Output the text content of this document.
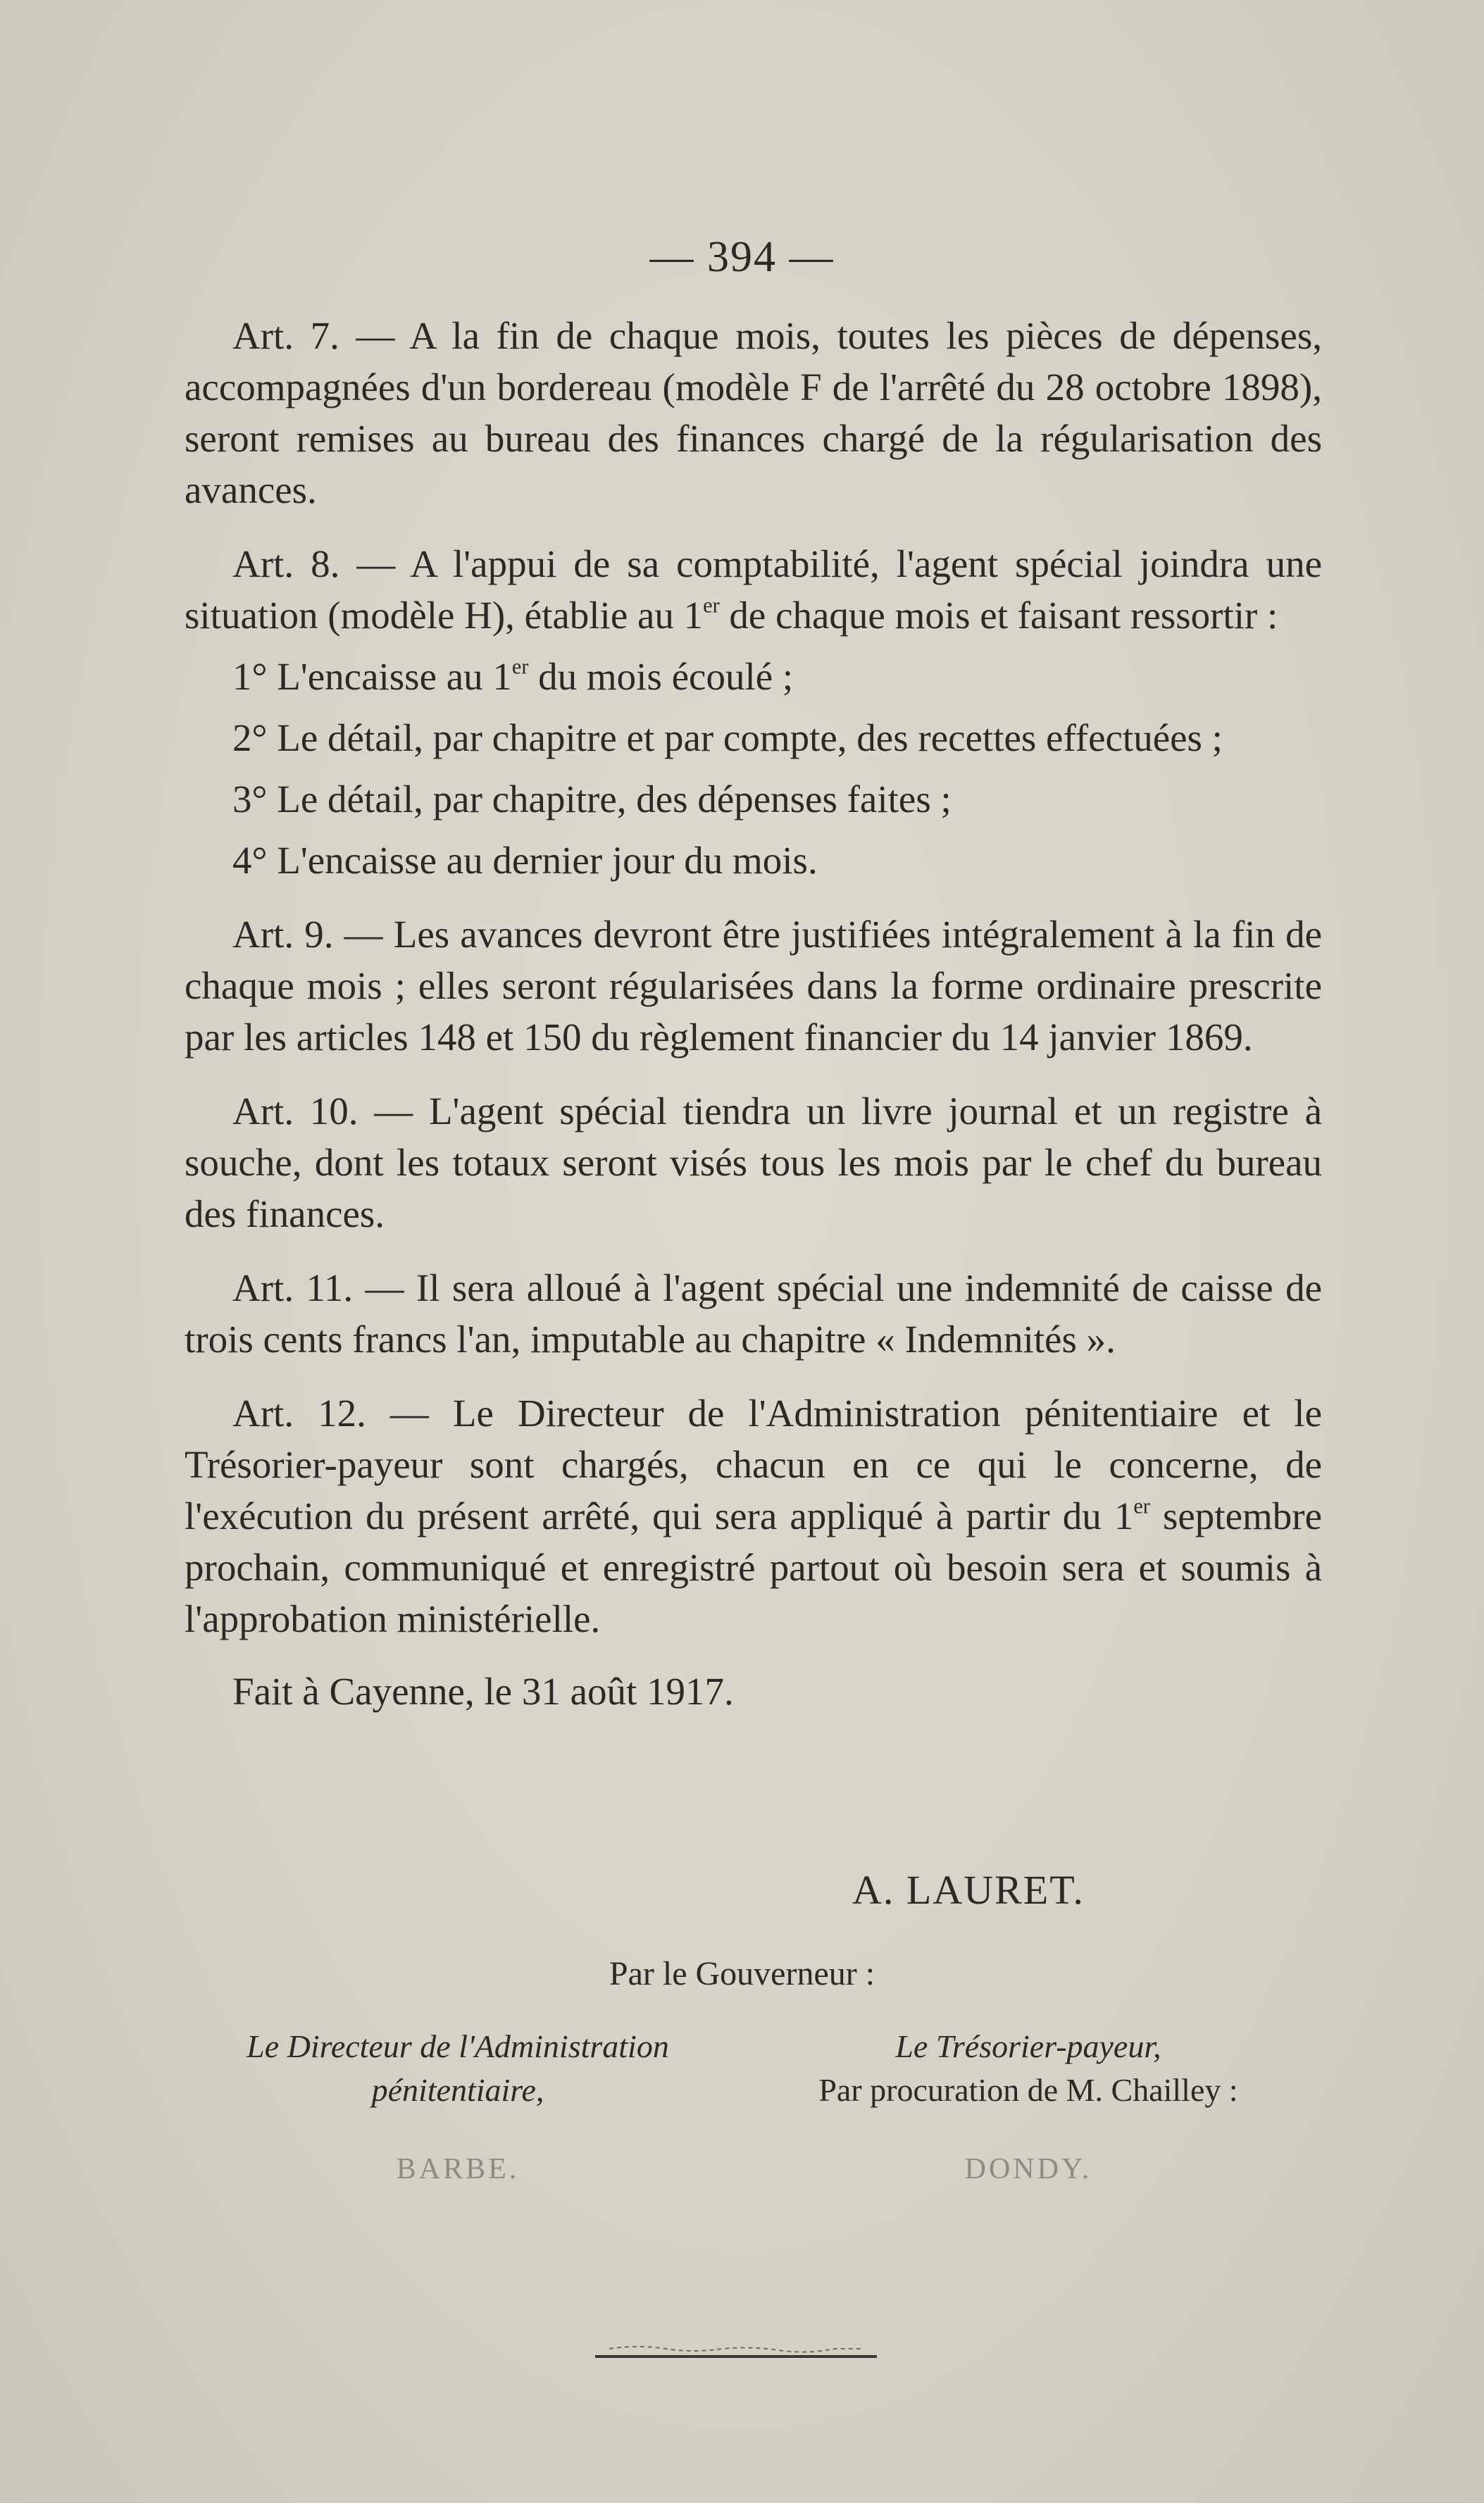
— 394 —

Art. 7. — A la fin de chaque mois, toutes les pièces de dépenses, accompagnées d'un bordereau (modèle F de l'arrêté du 28 octobre 1898), seront remises au bureau des finances chargé de la régularisation des avances.

Art. 8. — A l'appui de sa comptabilité, l'agent spécial joindra une situation (modèle H), établie au 1er de chaque mois et faisant ressortir :

1° L'encaisse au 1er du mois écoulé ;

2° Le détail, par chapitre et par compte, des recettes effectuées ;

3° Le détail, par chapitre, des dépenses faites ;

4° L'encaisse au dernier jour du mois.

Art. 9. — Les avances devront être justifiées intégralement à la fin de chaque mois ; elles seront régularisées dans la forme ordinaire prescrite par les articles 148 et 150 du règlement financier du 14 janvier 1869.

Art. 10. — L'agent spécial tiendra un livre journal et un registre à souche, dont les totaux seront visés tous les mois par le chef du bureau des finances.

Art. 11. — Il sera alloué à l'agent spécial une indemnité de caisse de trois cents francs l'an, imputable au chapitre « Indemnités ».

Art. 12. — Le Directeur de l'Administration pénitentiaire et le Trésorier-payeur sont chargés, chacun en ce qui le concerne, de l'exécution du présent arrêté, qui sera appliqué à partir du 1er septembre prochain, communiqué et enregistré partout où besoin sera et soumis à l'approbation ministérielle.

Fait à Cayenne, le 31 août 1917.

A. LAURET.
Par le Gouverneur :
Le Directeur de l'Administration
pénitentiaire,
BARBE.
Le Trésorier-payeur,
Par procuration de M. Chailley :
DONDY.
